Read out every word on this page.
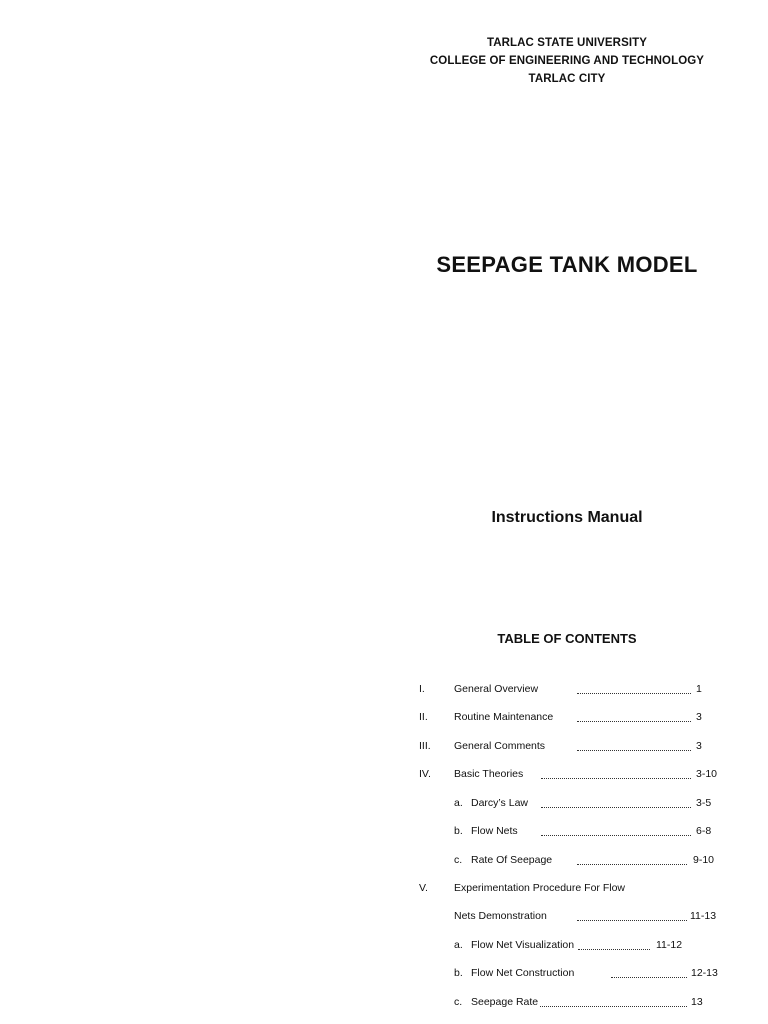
TARLAC STATE UNIVERSITY
COLLEGE OF ENGINEERING AND TECHNOLOGY
TARLAC CITY
SEEPAGE TANK MODEL
Instructions Manual
TABLE OF CONTENTS
I.	General Overview	1
II. Routine Maintenance	3
III. General Comments	3
IV. Basic Theories	3-10
a. Darcy’s Law	3-5
b. Flow Nets	6-8
c. Rate Of Seepage	9-10
V. Experimentation Procedure For Flow
Nets Demonstration	11-13
a. Flow Net Visualization	11-12
b. Flow Net Construction	12-13
c. Seepage Rate	13
